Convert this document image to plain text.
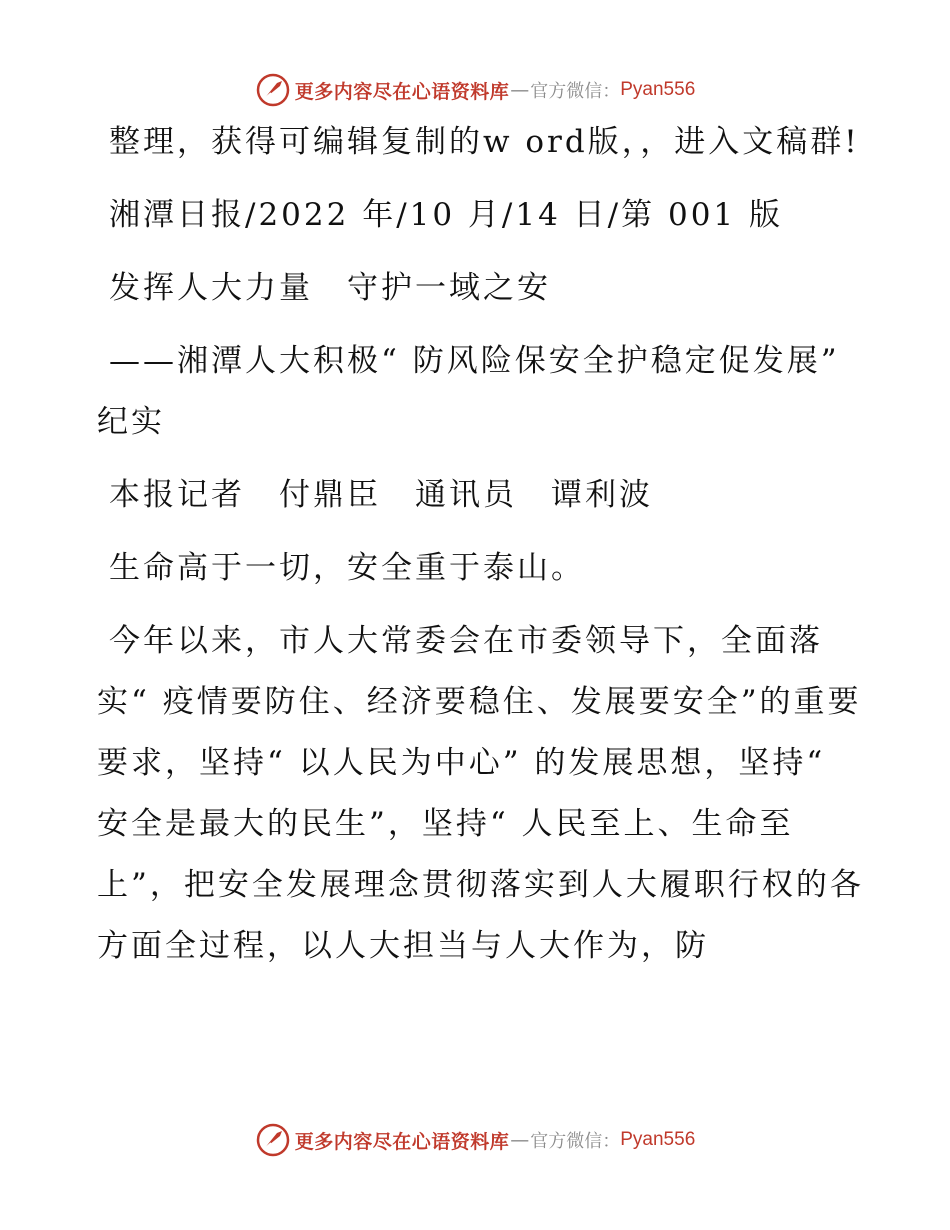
更多内容尽在心语资料库 — 官方微信： Pyan556

整理，获得可编辑复制的w ord版，，进入文稿群!

湘潭日报/2022 年/10 月/14 日/第 001 版

发挥人大力量　守护一域之安

——湘潭人大积极“ 防风险保安全护稳定促发展” 纪实

本报记者　付鼎臣　通讯员　谭利波

生命高于一切，安全重于泰山。

今年以来，市人大常委会在市委领导下，全面落实“ 疫情要防住、经济要稳住、发展要安全”的重要要求，坚持“ 以人民为中心” 的发展思想，坚持“ 安全是最大的民生”，坚持“ 人民至上、生命至上”，把安全发展理念贯彻落实到人大履职行权的各方面全过程，以人大担当与人大作为，防

更多内容尽在心语资料库 — 官方微信： Pyan556
